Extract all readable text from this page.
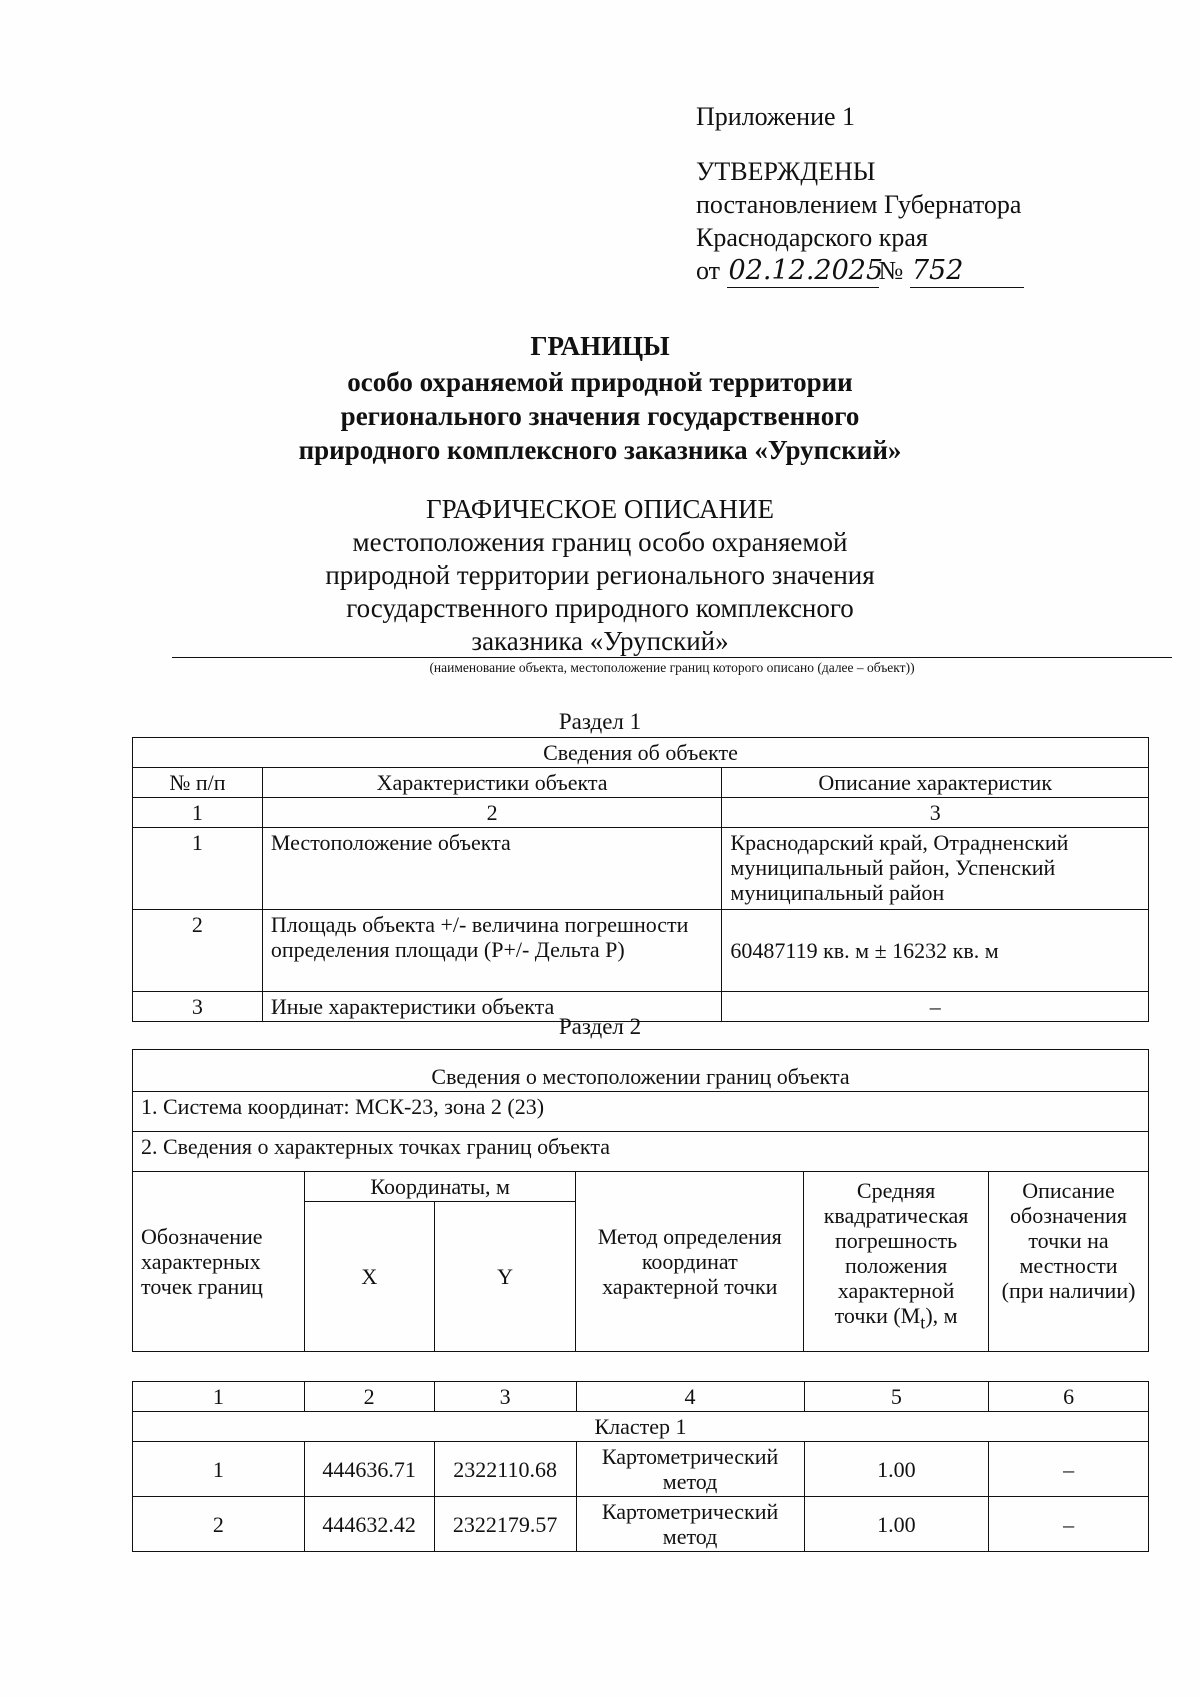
Приложение 1
УТВЕРЖДЕНЫ
постановлением Губернатора
Краснодарского края
от 02.12.2025№ 752
ГРАНИЦЫ
особо охраняемой природной территории
регионального значения государственного
природного комплексного заказника «Урупский»
ГРАФИЧЕСКОЕ ОПИСАНИЕ
местоположения границ особо охраняемой
природной территории регионального значения
государственного природного комплексного
заказника «Урупский»
(наименование объекта, местоположение границ которого описано (далее – объект))
Раздел 1
Сведения об объекте		
№ п/п	Характеристики объекта	Описание характеристик
1	2	3
1	Местоположение объекта	Краснодарский край, Отрадненский муниципальный район, Успенский муниципальный район
2	Площадь объекта +/- величина погрешности определения площади (P+/- Дельта P)	60487119 кв. м ± 16232 кв. м
3	Иные характеристики объекта	–
Раздел 2
Сведения о местоположении границ объекта					
1. Система координат: МСК-23, зона 2 (23)					
2. Сведения о характерных точках границ объекта					
Обозначение характерных точек границ	Координаты, м		Метод определения координат характерной точки	Средняя квадратическая погрешность положения характерной точки $(M_t)$, м	Описание обозначения точки на местности (при наличии)
	X	Y			
1	2	3	4	5	6
Кластер 1					
1	444636.71	2322110.68	Картометрический метод	1.00	–
2	444632.42	2322179.57	Картометрический метод	1.00	–
